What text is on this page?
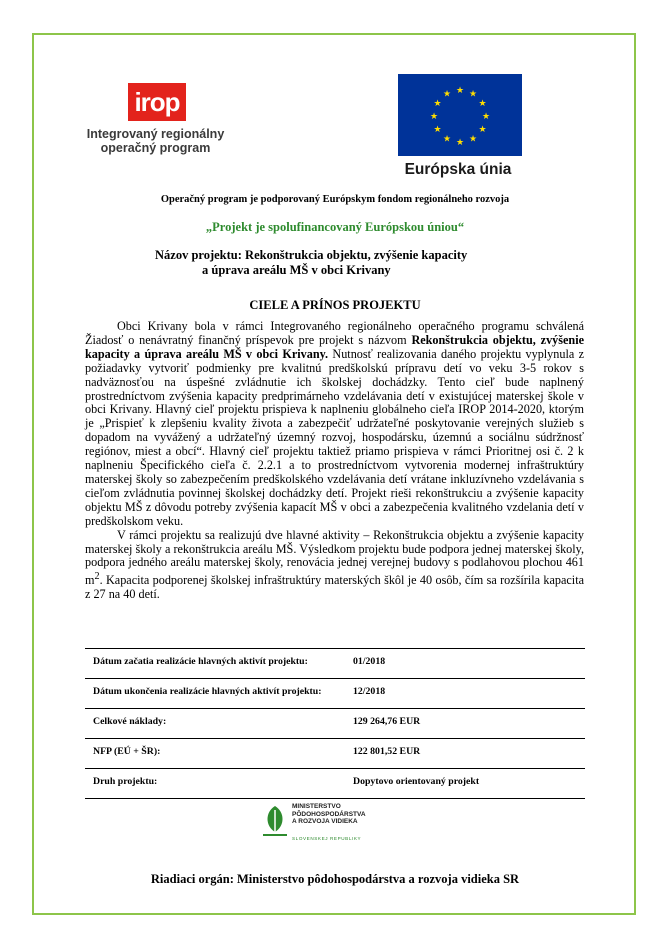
irop
Integrovaný regionálny
operačný program
★ ★
★
★
★
★
★
★
★
★
★
★
Európska únia
Operačný program je podporovaný Európskym fondom regionálneho rozvoja
„Projekt je spolufinancovaný Európskou úniou“
Názov projektu: Rekonštrukcia objektu, zvýšenie kapacity
a úprava areálu MŠ v obci Krivany
CIELE A PRÍNOS PROJEKTU

Obci Krivany bola v rámci Integrovaného regionálneho operačného programu schválená Žiadosť o nenávratný finančný príspevok pre projekt s názvom Rekonštrukcia objektu, zvýšenie kapacity a úprava areálu MŠ v obci Krivany. Nutnosť realizovania daného projektu vyplynula z požiadavky vytvoriť podmienky pre kvalitnú predškolskú prípravu detí vo veku 3-5 rokov s nadväznosťou na úspešné zvládnutie ich školskej dochádzky. Tento cieľ bude naplnený prostredníctvom zvýšenia kapacity predprimárneho vzdelávania detí v existujúcej materskej škole v obci Krivany. Hlavný cieľ projektu prispieva k naplneniu globálneho cieľa IROP 2014-2020, ktorým je „Prispieť k zlepšeniu kvality života a zabezpečiť udržateľné poskytovanie verejných služieb s dopadom na vyvážený a udržateľný územný rozvoj, hospodársku, územnú a sociálnu súdržnosť regiónov, miest a obcí“. Hlavný cieľ projektu taktiež priamo prispieva v rámci Prioritnej osi č. 2 k naplneniu Špecifického cieľa č. 2.2.1 a to prostredníctvom vytvorenia modernej infraštruktúry materskej školy so zabezpečením predškolského vzdelávania detí vrátane inkluzívneho vzdelávania s cieľom zvládnutia povinnej školskej dochádzky detí. Projekt rieši rekonštrukciu a zvýšenie kapacity objektu MŠ z dôvodu potreby zvýšenia kapacít MŠ v obci a zabezpečenia kvalitného vzdelania detí v predškolskom veku.

V rámci projektu sa realizujú dve hlavné aktivity – Rekonštrukcia objektu a zvýšenie kapacity materskej školy a rekonštrukcia areálu MŠ. Výsledkom projektu bude podpora jednej materskej školy, podpora jedného areálu materskej školy, renovácia jednej verejnej budovy s podlahovou plochou 461 $m^2$. Kapacita podporenej školskej infraštruktúry materských škôl je 40 osôb, čím sa rozšírila kapacita z 27 na 40 detí.

Dátum začatia realizácie hlavných aktivít projektu:	01/2018
Dátum ukončenia realizácie hlavných aktivít projektu:	12/2018
Celkové náklady:	129 264,76 EUR
NFP (EÚ + ŠR):	122 801,52 EUR
Druh projektu:	Dopytovo orientovaný projekt
MINISTERSTVO
PÔDOHOSPODÁRSTVA
A ROZVOJA VIDIEKA
SLOVENSKEJ REPUBLIKY
Riadiaci orgán: Ministerstvo pôdohospodárstva a rozvoja vidieka SR
